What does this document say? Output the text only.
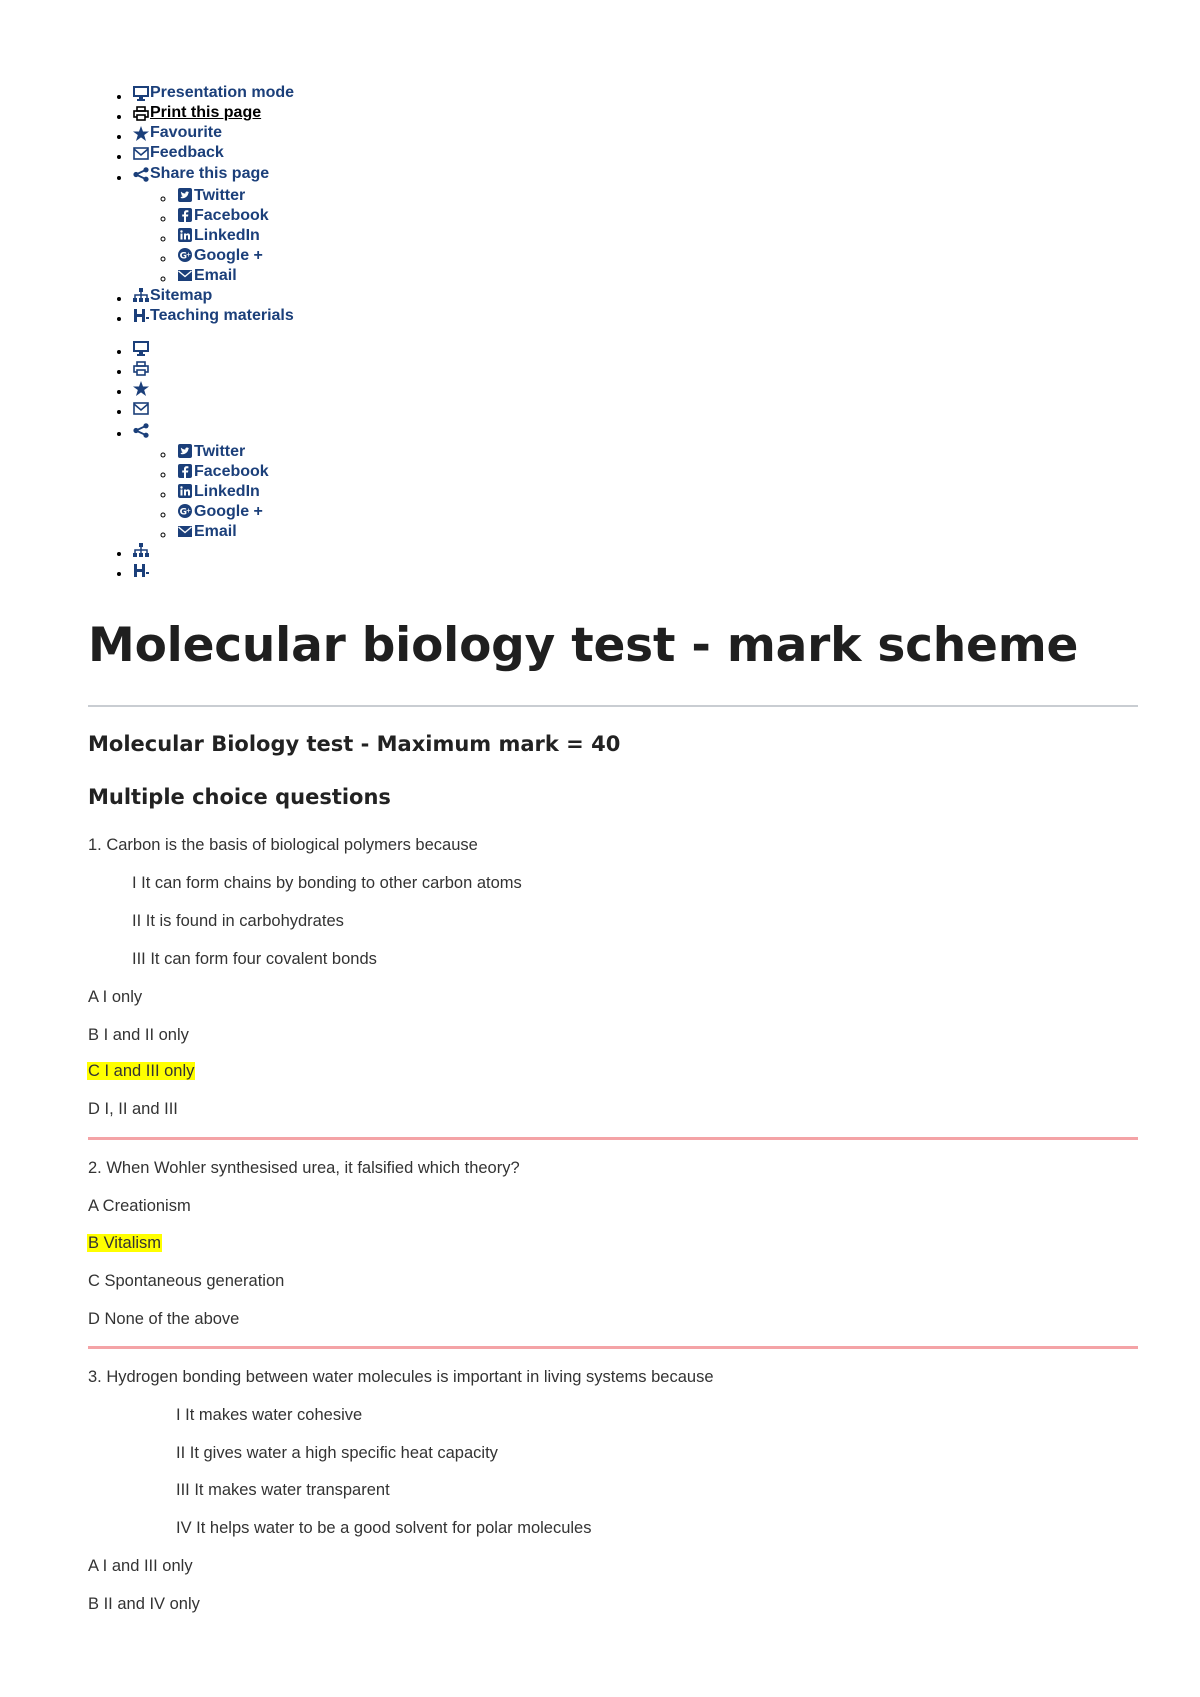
• Presentation mode
• Print this page
• Favourite
• Feedback
• Share this page
◦ Twitter
◦ Facebook
◦ LinkedIn
◦ G + Google +
◦ Email
• Sitemap
• Teaching materials
•
•
•
•
◦ • Twitter
◦ Facebook
◦ LinkedIn
◦ G + Google +
◦ Email
•
•
Molecular biology test - mark scheme
Molecular Biology test - Maximum mark = 40
Multiple choice questions

1. Carbon is the basis of biological polymers because

I It can form chains by bonding to other carbon atoms

II It is found in carbohydrates

III It can form four covalent bonds

A I only

B I and II only

C I and III only

D I, II and III

2. When Wohler synthesised urea, it falsified which theory?

A Creationism

B Vitalism

C Spontaneous generation

D None of the above

3. Hydrogen bonding between water molecules is important in living systems because

I It makes water cohesive

II It gives water a high specific heat capacity

III It makes water transparent

IV It helps water to be a good solvent for polar molecules

A I and III only

B II and IV only
